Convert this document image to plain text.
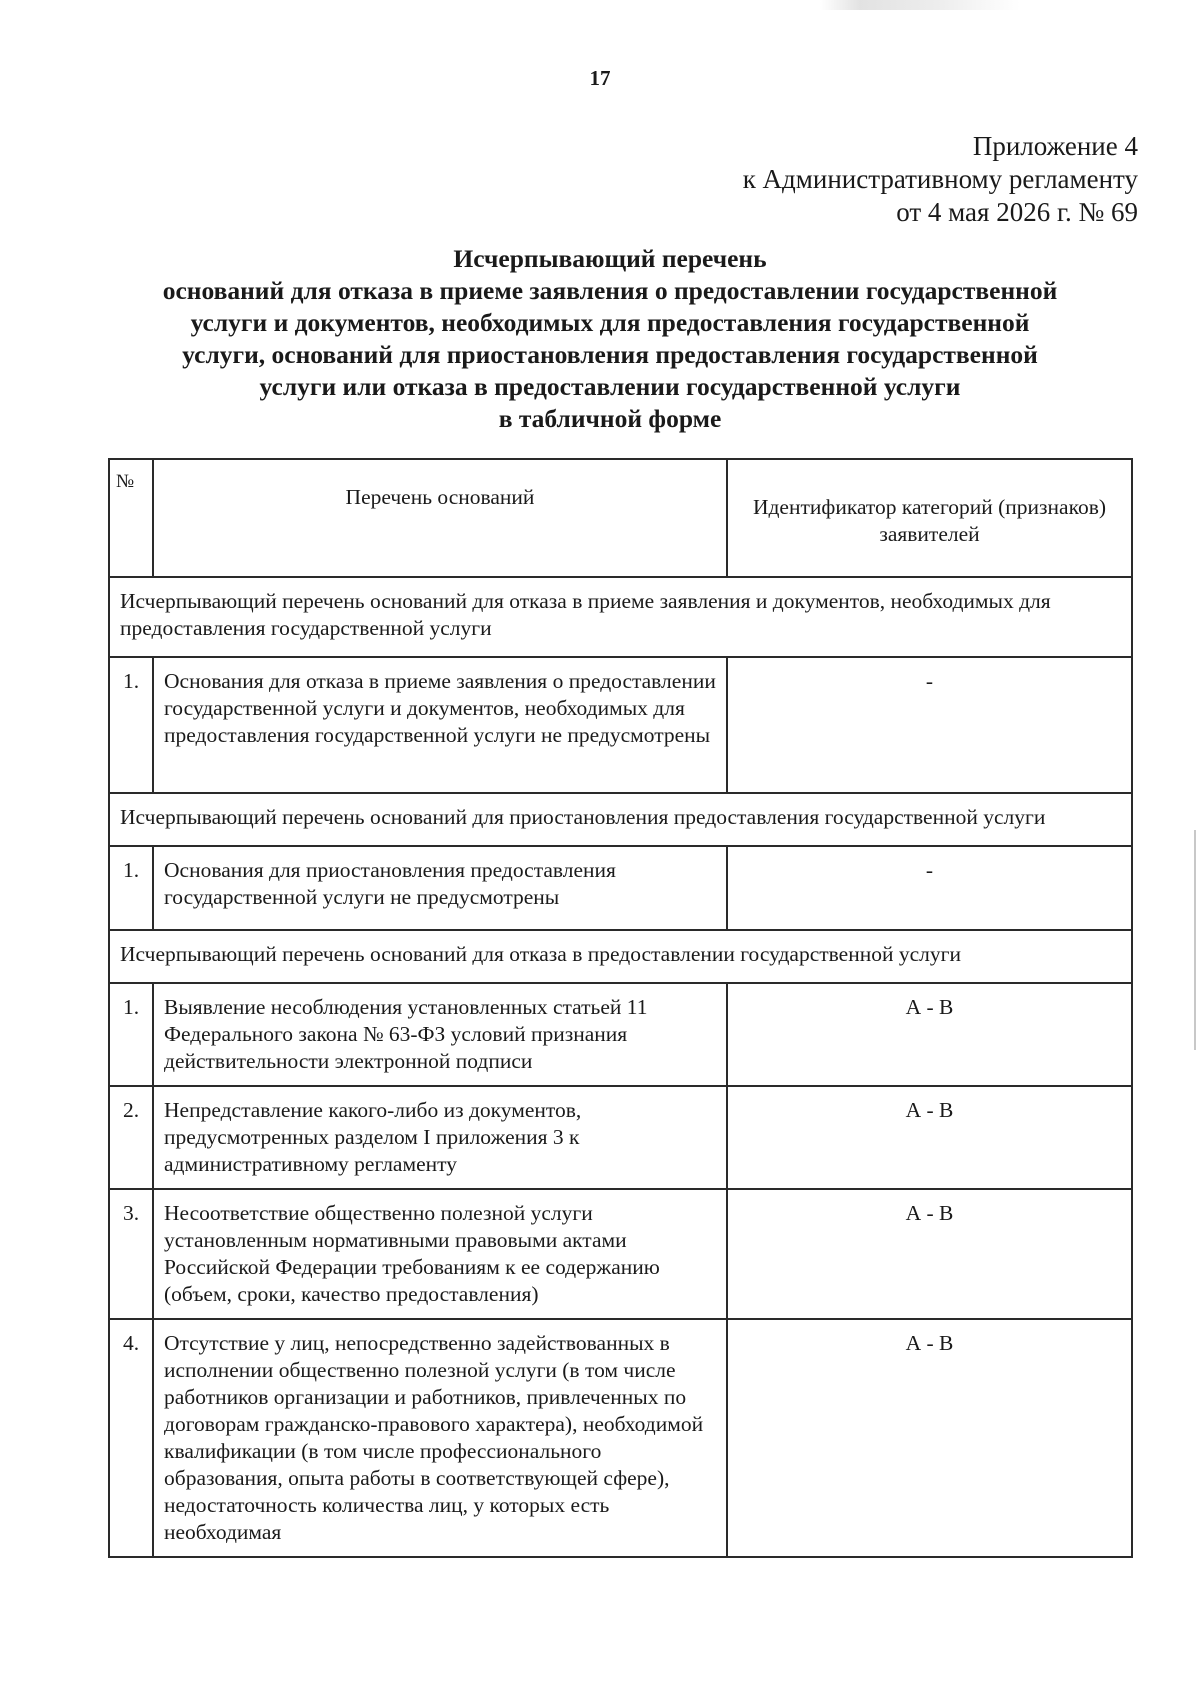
17
Приложение 4
к Административному регламенту
от 4 мая 2026 г. № 69
Исчерпывающий перечень
оснований для отказа в приеме заявления о предоставлении государственной
услуги и документов, необходимых для предоставления государственной
услуги, оснований для приостановления предоставления государственной
услуги или отказа в предоставлении государственной услуги
в табличной форме
№	Перечень оснований	Идентификатор категорий (признаков) заявителей
Исчерпывающий перечень оснований для отказа в приеме заявления и документов, необходимых для предоставления государственной услуги		
1.	Основания для отказа в приеме заявления о предоставлении государственной услуги и документов, необходимых для предоставления государственной услуги не предусмотрены	-
Исчерпывающий перечень оснований для приостановления предоставления государственной услуги		
1.	Основания для приостановления предоставления государственной услуги не предусмотрены	-
Исчерпывающий перечень оснований для отказа в предоставлении государственной услуги		
1.	Выявление несоблюдения установленных статьей 11 Федерального закона № 63-ФЗ условий признания действительности электронной подписи	А - В
2.	Непредставление какого-либо из документов, предусмотренных разделом I приложения 3 к административному регламенту	А - В
3.	Несоответствие общественно полезной услуги установленным нормативными правовыми актами Российской Федерации требованиям к ее содержанию (объем, сроки, качество предоставления)	А - В
4.	Отсутствие у лиц, непосредственно задействованных в исполнении общественно полезной услуги (в том числе работников организации и работников, привлеченных по договорам гражданско-правового характера), необходимой квалификации (в том числе профессионального образования, опыта работы в соответствующей сфере), недостаточность количества лиц, у которых есть необходимая	А - В
